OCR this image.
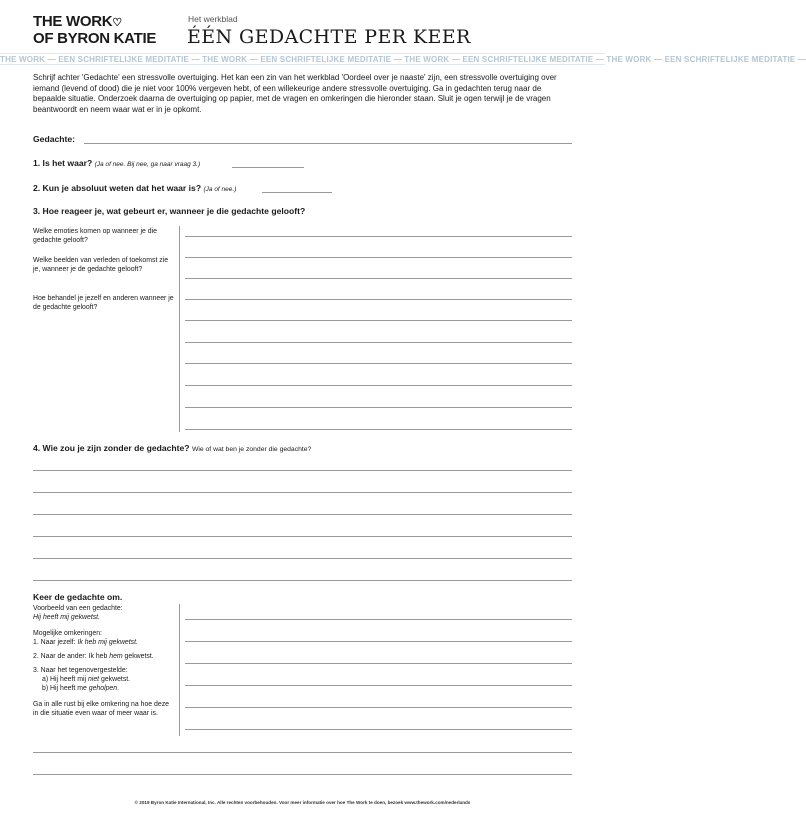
THE WORK♡
OF BYRON KATIE
Het werkblad
ÉÉN GEDACHTE PER KEER
THE WORK — EEN SCHRIFTELIJKE MEDITATIE — THE WORK — EEN SCHRIFTELIJKE MEDITATIE — THE WORK — EEN SCHRIFTELIJKE MEDITATIE — THE WORK — EEN SCHRIFTELIJKE MEDITATIE —
Schrijf achter 'Gedachte' een stressvolle overtuiging. Het kan een zin van het werkblad 'Oordeel over je naaste' zijn, een stressvolle overtuiging over iemand (levend of dood) die je niet voor 100% vergeven hebt, of een willekeurige andere stressvolle overtuiging. Ga in gedachten terug naar de bepaalde situatie. Onderzoek daarna de overtuiging op papier, met de vragen en omkeringen die hieronder staan. Sluit je ogen terwijl je de vragen beantwoordt en neem waar wat er in je opkomt.
Gedachte:
1. Is het waar? (Ja of nee. Bij nee, ga naar vraag 3.)
2. Kun je absoluut weten dat het waar is? (Ja of nee.)
3. Hoe reageer je, wat gebeurt er, wanneer je die gedachte gelooft?
Welke emoties komen op wanneer je die gedachte gelooft?
Welke beelden van verleden of toekomst zie je, wanneer je de gedachte gelooft?
Hoe behandel je jezelf en anderen wanneer je de gedachte gelooft?
4. Wie zou je zijn zonder de gedachte? Wie of wat ben je zonder die gedachte?
Keer de gedachte om.
Voorbeeld van een gedachte:
Hij heeft mij gekwetst.
Mogelijke omkeringen:
1. Naar jezelf: Ik heb mij gekwetst.
2. Naar de ander: Ik heb hem gekwetst.
3. Naar het tegenovergestelde:
a) Hij heeft mij niet gekwetst.
b) Hij heeft me geholpen.
Ga in alle rust bij elke omkering na hoe deze in die situatie even waar of meer waar is.
© 2019 Byron Katie International, Inc. Alle rechten voorbehouden. Voor meer informatie over hoe The Work te doen, bezoek www.thework.com/nederlands
